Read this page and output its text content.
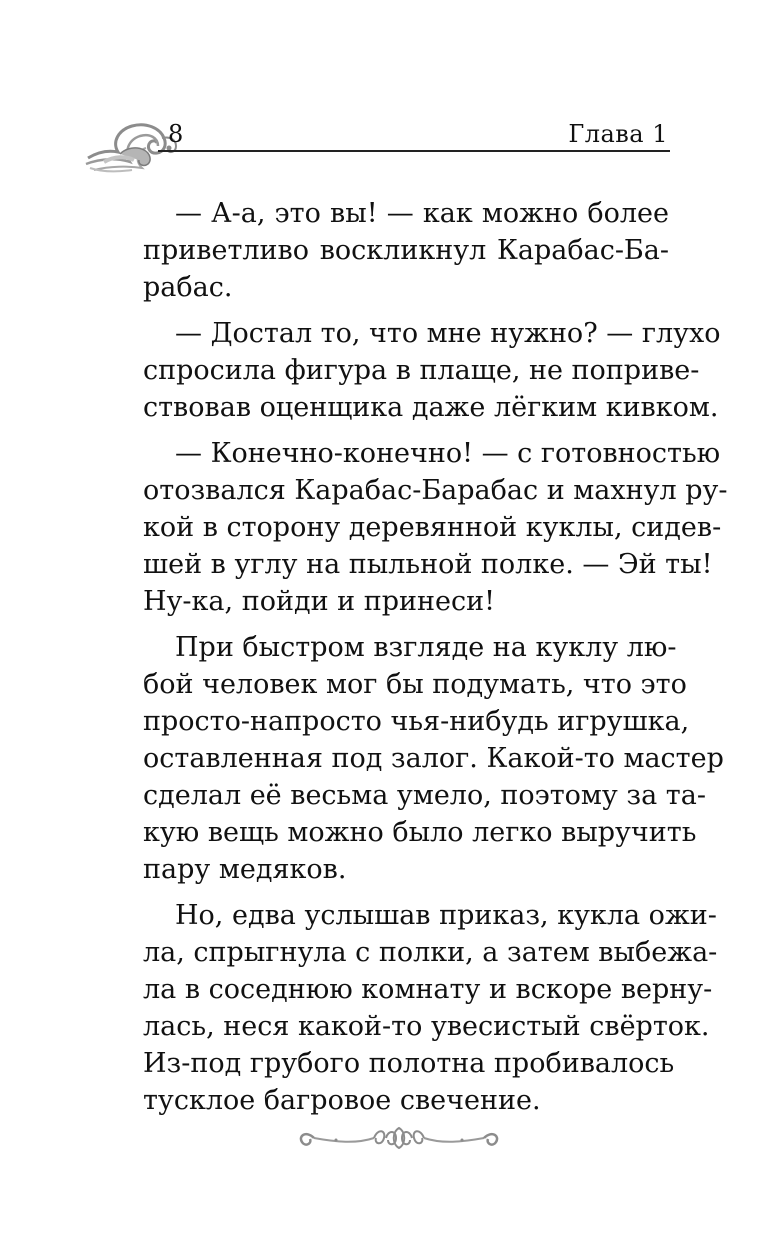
8	Глава 1
— А-а, это вы! — как можно более
приветливо воскликнул Карабас-Ба-
рабас.
— Достал то, что мне нужно? — глухо
спросила фигура в плаще, не поприве-
ствовав оценщика даже лёгким кивком.
— Конечно-конечно! — с готовностью
отозвался Карабас-Барабас и махнул ру-
кой в сторону деревянной куклы, сидев-
шей в углу на пыльной полке. — Эй ты!
Ну-ка, пойди и принеси!
При быстром взгляде на куклу лю-
бой человек мог бы подумать, что это
просто-напросто чья-нибудь игрушка,
оставленная под залог. Какой-то мастер
сделал её весьма умело, поэтому за та-
кую вещь можно было легко выручить
пару медяков.
Но, едва услышав приказ, кукла ожи-
ла, спрыгнула с полки, а затем выбежа-
ла в соседнюю комнату и вскоре верну-
лась, неся какой-то увесистый свёрток.
Из-под грубого полотна пробивалось
тусклое багровое свечение.
